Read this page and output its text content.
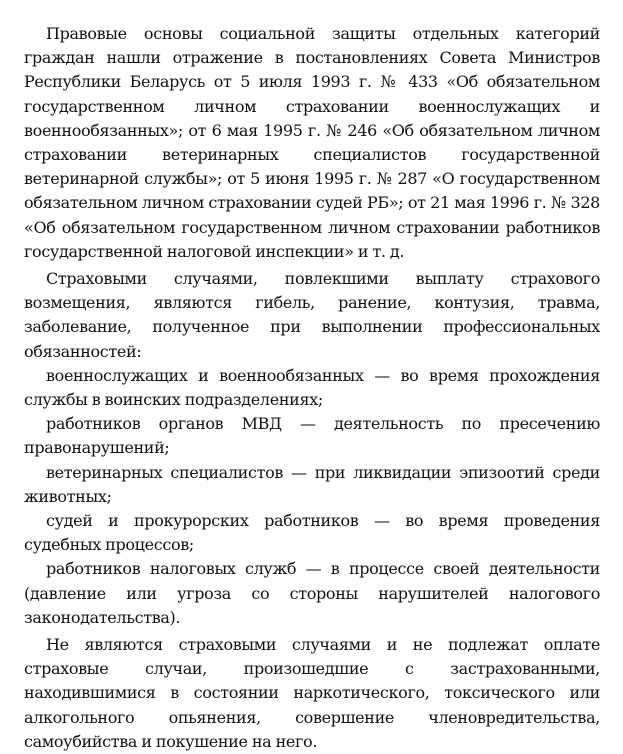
Правовые основы социальной защиты отдельных категорий граждан нашли отражение в постановлениях Совета Министров Республики Беларусь от 5 июля 1993 г. № 433 «Об обязательном государственном личном страховании военнослужащих и военнообязанных»; от 6 мая 1995 г. № 246 «Об обязательном личном страховании ветеринарных специалистов государственной ветеринарной службы»; от 5 июня 1995 г. № 287 «О государственном обязательном личном страховании судей РБ»; от 21 мая 1996 г. № 328 «Об обязательном государственном личном страховании работников государственной налоговой инспекции» и т. д.

Страховыми случаями, повлекшими выплату страхового возмещения, являются гибель, ранение, контузия, травма, заболевание, полученное при выполнении профессиональных обязанностей:

военнослужащих и военнообязанных — во время прохождения службы в воинских подразделениях;

работников органов МВД — деятельность по пресечению правонарушений;

ветеринарных специалистов — при ликвидации эпизоотий среди животных;

судей и прокурорских работников — во время проведения судебных процессов;

работников налоговых служб — в процессе своей деятельности (давление или угроза со стороны нарушителей налогового законодательства).

Не являются страховыми случаями и не подлежат оплате страховые случаи, произошедшие с застрахованными, находившимися в состоянии наркотического, токсического или алкогольного опьянения, совершение членовредительства, самоубийства и покушение на него.
